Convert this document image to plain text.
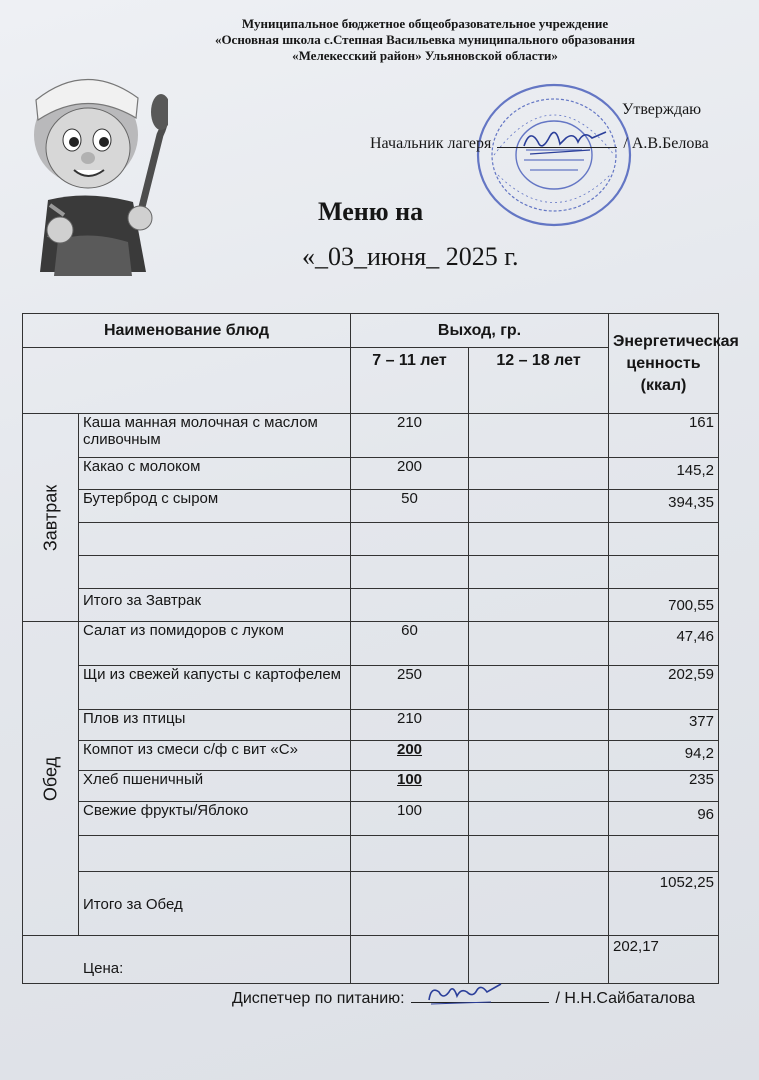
Муниципальное бюджетное общеобразовательное учреждение
«Основная школа с.Степная Васильевка муниципального образования
«Мелекесский район» Ульяновской области»
Утверждаю
Начальник лагеря	/ А.В.Белова
Меню на
«_03_июня_ 2025 г.
Наименование блюд		Выход, гр.		Энергетическая ценность (ккал)
		7 – 11 лет	12 – 18 лет	

Завтрак	Каша манная молочная с маслом сливочным	210		161
	Какао с молоком	200		145,2
	Бутерброд с сыром	50		394,35

	Итого за Завтрак			700,55

Обед	Салат из помидоров с луком	60		47,46
	Щи из свежей капусты с картофелем	250		202,59
	Плов из птицы	210		377
	Компот из смеси с/ф с вит «С»	200		94,2
	Хлеб пшеничный	100		235
	Свежие фрукты/Яблоко	100		96

	Итого за Обед			1052,25
Цена:				202,17
Диспетчер по питанию:	/ Н.Н.Сайбаталова
